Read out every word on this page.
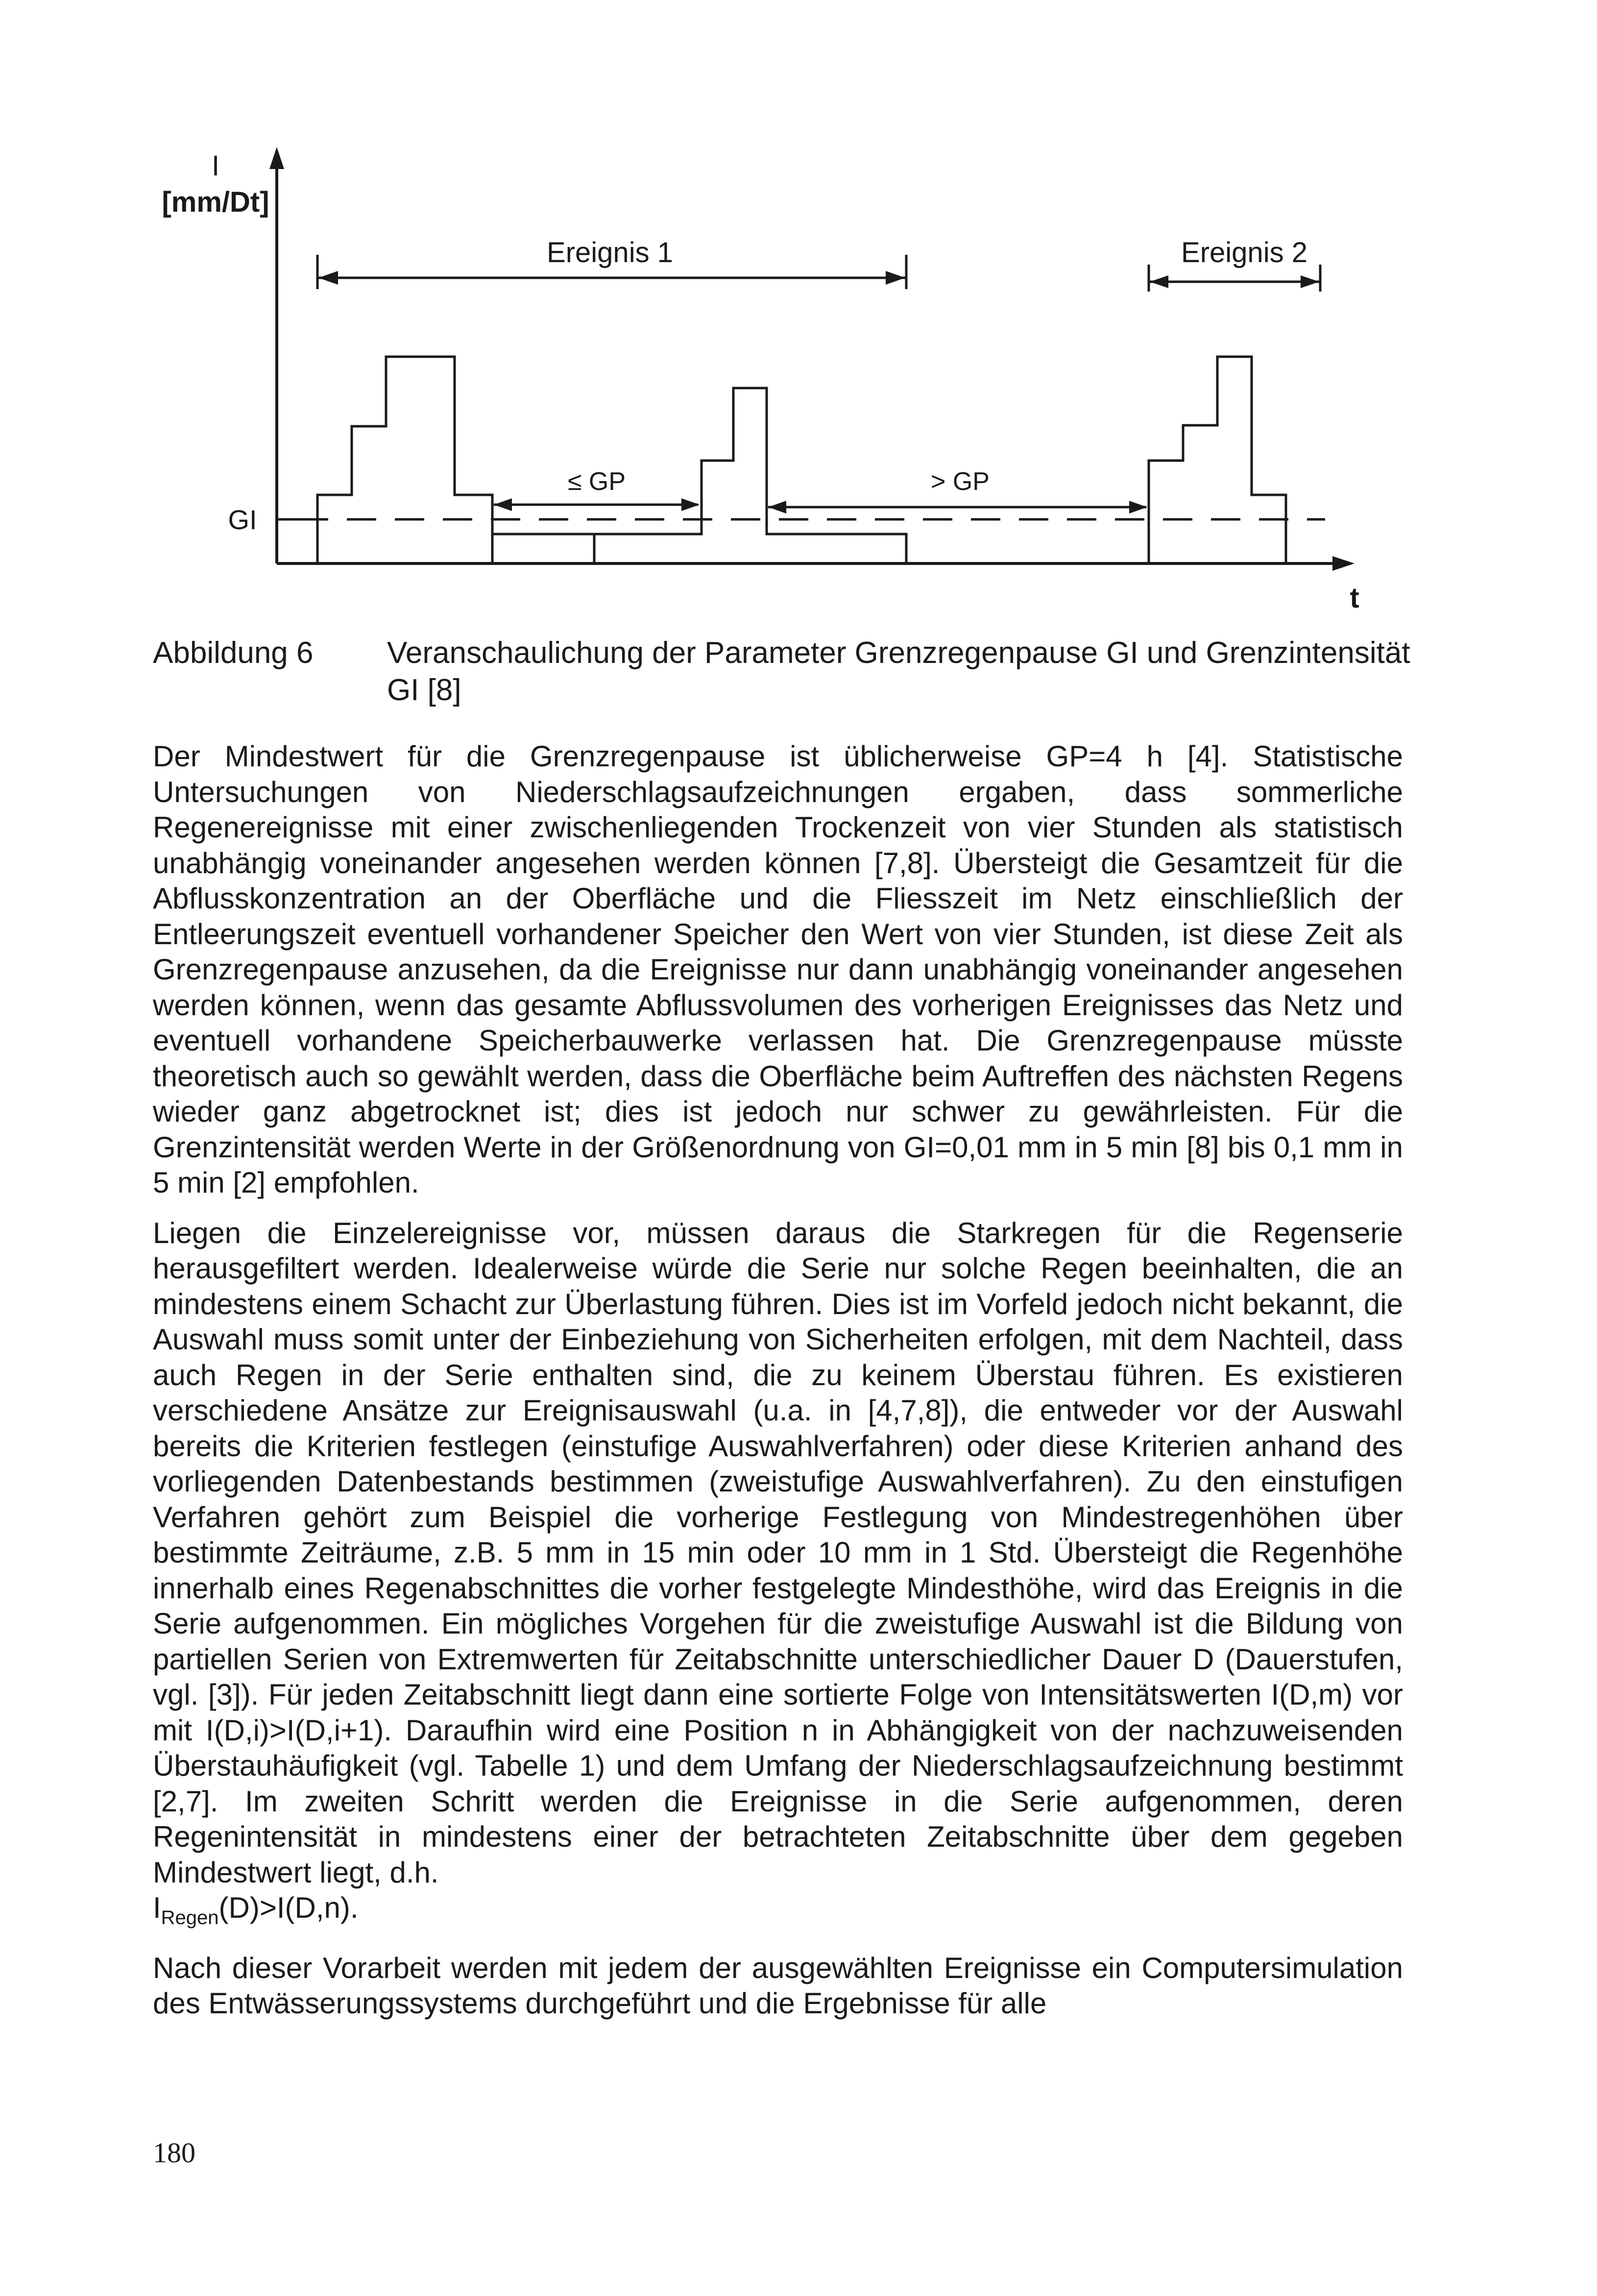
I
[mm/Dt]
t
GI
Ereignis 1	Ereignis 2
≤ GP	> GP
Abbildung 6	Veranschaulichung der Parameter Grenzregenpause GI und Grenzintensität GI [8]

Der Mindestwert für die Grenzregenpause ist üblicherweise GP=4 h [4]. Statistische Untersuchungen von Niederschlagsaufzeichnungen ergaben, dass sommerliche Regenereignisse mit einer zwischenliegenden Trockenzeit von vier Stunden als statistisch unabhängig voneinander angesehen werden können [7,8]. Übersteigt die Gesamtzeit für die Abflusskonzentration an der Oberfläche und die Fliesszeit im Netz einschließlich der Entleerungszeit eventuell vorhandener Speicher den Wert von vier Stunden, ist diese Zeit als Grenzregenpause anzusehen, da die Ereignisse nur dann unabhängig voneinander angesehen werden können, wenn das gesamte Abflussvolumen des vorherigen Ereignisses das Netz und eventuell vorhandene Speicherbauwerke verlassen hat. Die Grenzregenpause müsste theoretisch auch so gewählt werden, dass die Oberfläche beim Auftreffen des nächsten Regens wieder ganz abgetrocknet ist; dies ist jedoch nur schwer zu gewährleisten. Für die Grenzintensität werden Werte in der Größenordnung von GI=0,01 mm in 5 min [8] bis 0,1 mm in 5 min [2] empfohlen.

Liegen die Einzelereignisse vor, müssen daraus die Starkregen für die Regenserie herausgefiltert werden. Idealerweise würde die Serie nur solche Regen beeinhalten, die an mindestens einem Schacht zur Überlastung führen. Dies ist im Vorfeld jedoch nicht bekannt, die Auswahl muss somit unter der Einbeziehung von Sicherheiten erfolgen, mit dem Nachteil, dass auch Regen in der Serie enthalten sind, die zu keinem Überstau führen. Es existieren verschiedene Ansätze zur Ereignisauswahl (u.a. in [4,7,8]), die entweder vor der Auswahl bereits die Kriterien festlegen (einstufige Auswahlverfahren) oder diese Kriterien anhand des vorliegenden Datenbestands bestimmen (zweistufige Auswahlverfahren). Zu den einstufigen Verfahren gehört zum Beispiel die vorherige Festlegung von Mindestregenhöhen über bestimmte Zeiträume, z.B. 5 mm in 15 min oder 10 mm in 1 Std. Übersteigt die Regenhöhe innerhalb eines Regenabschnittes die vorher festgelegte Mindesthöhe, wird das Ereignis in die Serie aufgenommen. Ein mögliches Vorgehen für die zweistufige Auswahl ist die Bildung von partiellen Serien von Extremwerten für Zeitabschnitte unterschiedlicher Dauer D (Dauerstufen, vgl. [3]). Für jeden Zeitabschnitt liegt dann eine sortierte Folge von Intensitätswerten I(D,m) vor mit I(D,i)>I(D,i+1). Daraufhin wird eine Position n in Abhängigkeit von der nachzuweisenden Überstauhäufigkeit (vgl. Tabelle 1) und dem Umfang der Niederschlagsaufzeichnung bestimmt [2,7]. Im zweiten Schritt werden die Ereignisse in die Serie aufgenommen, deren Regenintensität in mindestens einer der betrachteten Zeitabschnitte über dem gegeben Mindestwert liegt, d.h.
$I_{Regen}(D)>I(D,n)$.

Nach dieser Vorarbeit werden mit jedem der ausgewählten Ereignisse ein Computersimulation des Entwässerungssystems durchgeführt und die Ergebnisse für alle

180
